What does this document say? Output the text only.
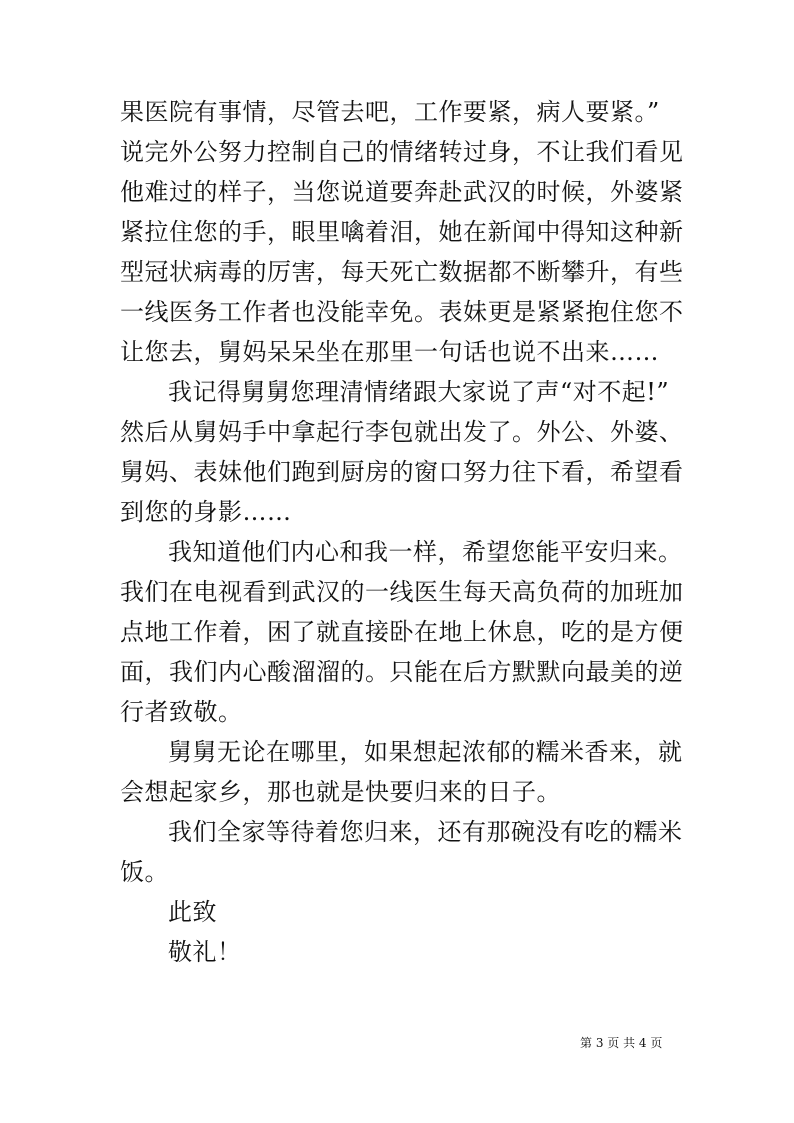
果医院有事情，尽管去吧，工作要紧，病人要紧。”
说完外公努力控制自己的情绪转过身，不让我们看见
他难过的样子，当您说道要奔赴武汉的时候，外婆紧
紧拉住您的手，眼里噙着泪，她在新闻中得知这种新
型冠状病毒的厉害，每天死亡数据都不断攀升，有些
一线医务工作者也没能幸免。表妹更是紧紧抱住您不
让您去，舅妈呆呆坐在那里一句话也说不出来……
我记得舅舅您理清情绪跟大家说了声“对不起!”
然后从舅妈手中拿起行李包就出发了。外公、外婆、
舅妈、表妹他们跑到厨房的窗口努力往下看，希望看
到您的身影……
我知道他们内心和我一样，希望您能平安归来。
我们在电视看到武汉的一线医生每天高负荷的加班加
点地工作着，困了就直接卧在地上休息，吃的是方便
面，我们内心酸溜溜的。只能在后方默默向最美的逆
行者致敬。
舅舅无论在哪里，如果想起浓郁的糯米香来，就
会想起家乡，那也就是快要归来的日子。
我们全家等待着您归来，还有那碗没有吃的糯米
饭。
此致
敬礼！
第 3 页 共 4 页
